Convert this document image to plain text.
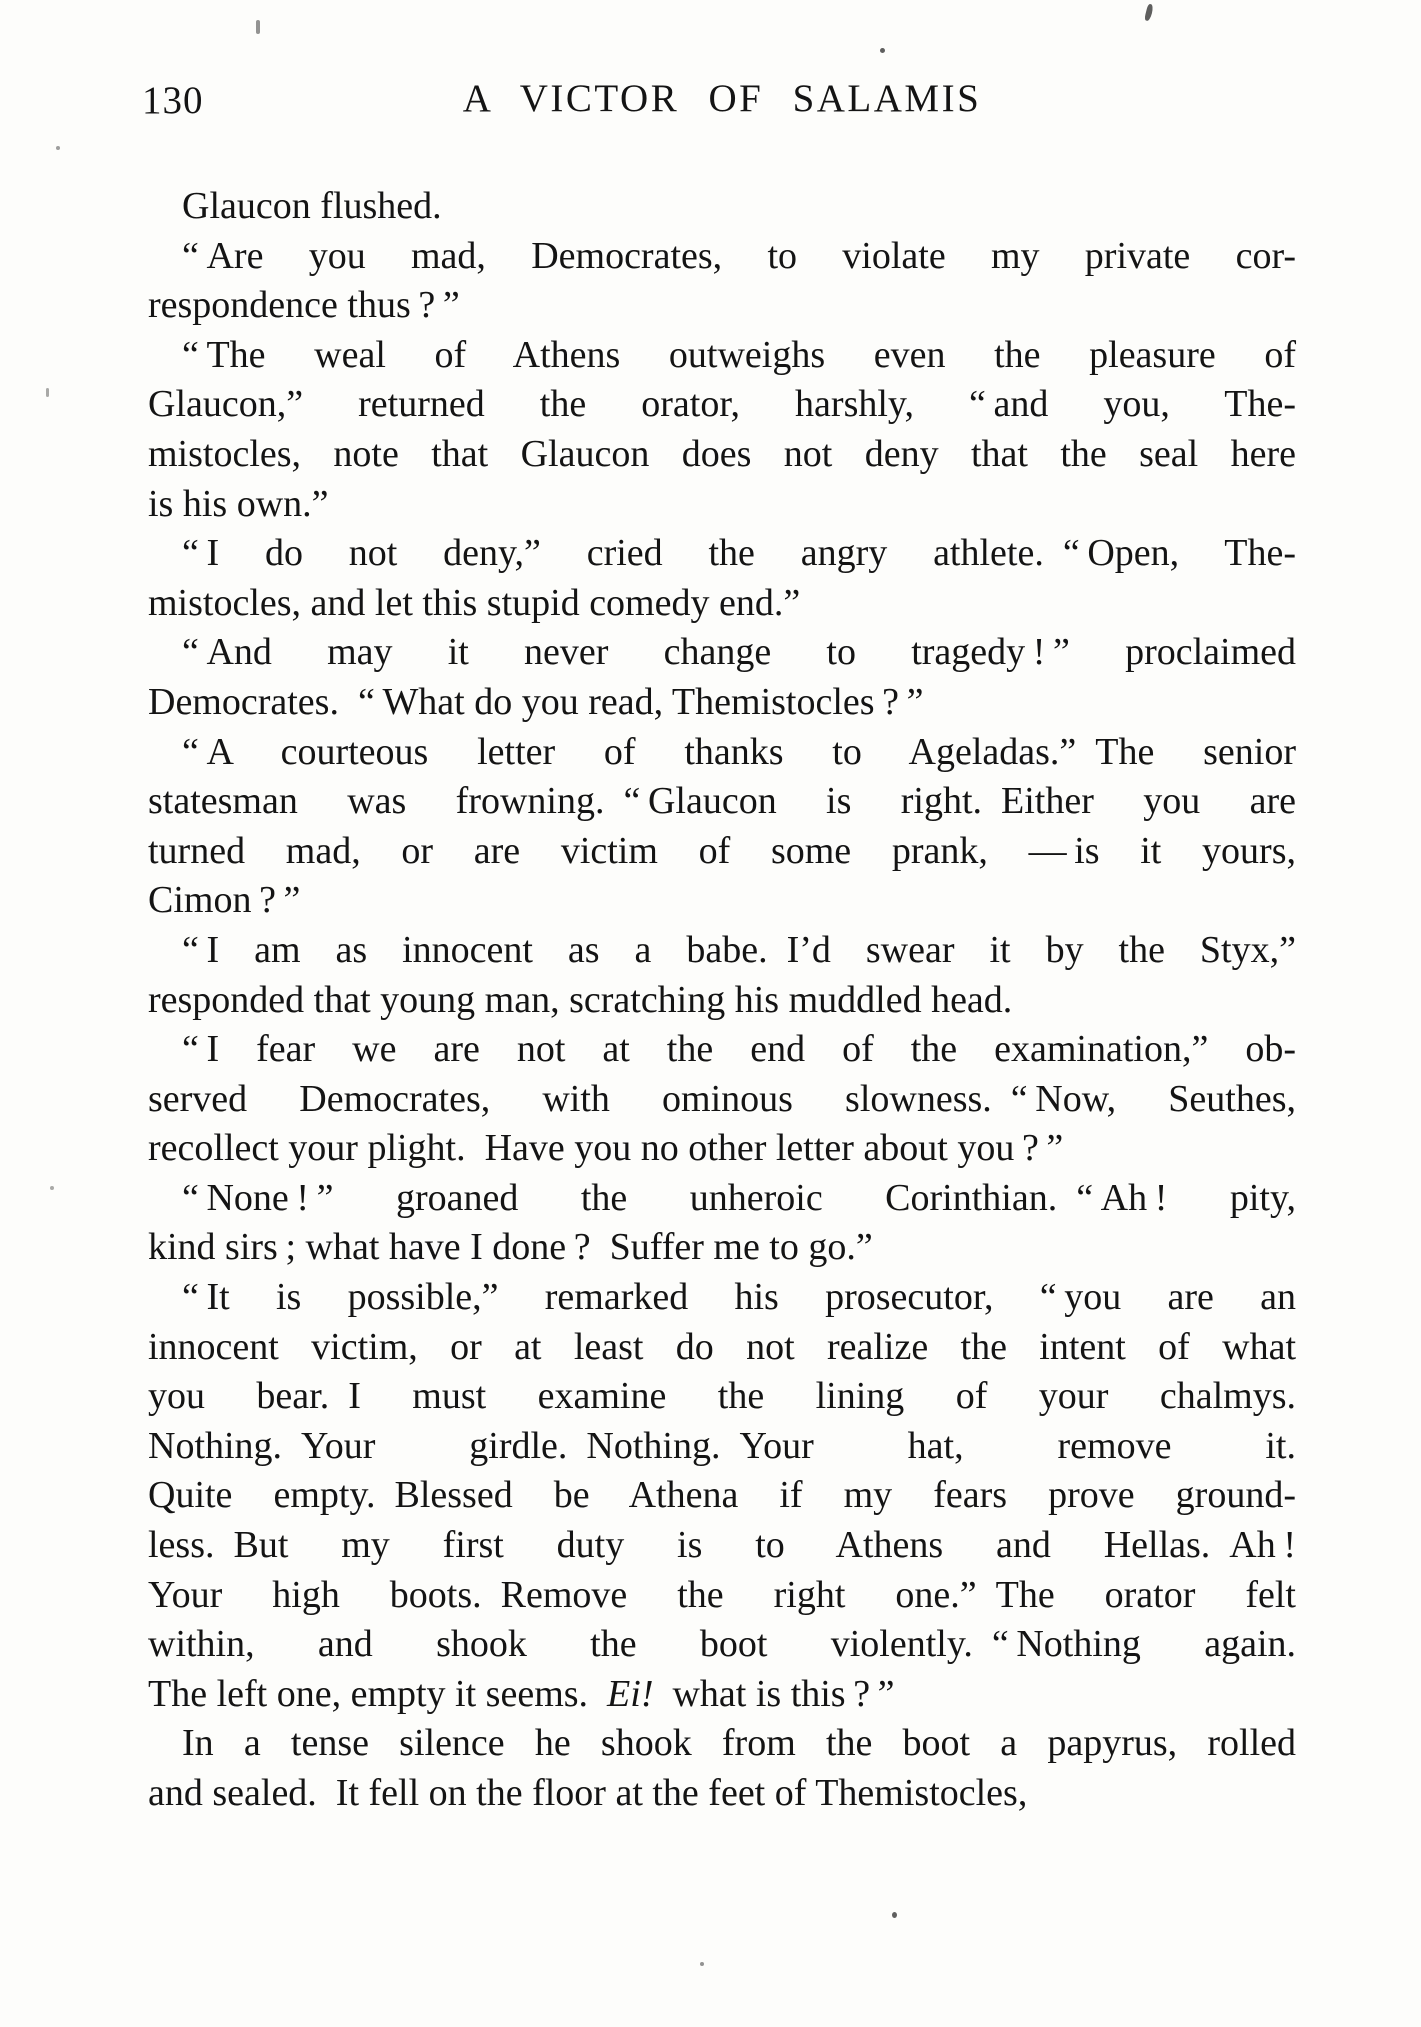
130	A VICTOR OF SALAMIS
Glaucon flushed.
“ Are you mad, Democrates, to violate my private cor-
respondence thus ? ”
“ The weal of Athens outweighs even the pleasure of
Glaucon,” returned the orator, harshly, “ and you, The-
mistocles, note that Glaucon does not deny that the seal here
is his own.”
“ I do not deny,” cried the angry athlete. “ Open, The-
mistocles, and let this stupid comedy end.”
“ And may it never change to tragedy ! ” proclaimed
Democrates. “ What do you read, Themistocles ? ”
“ A courteous letter of thanks to Ageladas.” The senior
statesman was frowning. “ Glaucon is right. Either you are
turned mad, or are victim of some prank, — is it yours,
Cimon ? ”
“ I am as innocent as a babe. I’d swear it by the Styx,”
responded that young man, scratching his muddled head.
“ I fear we are not at the end of the examination,” ob-
served Democrates, with ominous slowness. “ Now, Seuthes,
recollect your plight. Have you no other letter about you ? ”
“ None ! ” groaned the unheroic Corinthian. “ Ah ! pity,
kind sirs ; what have I done ? Suffer me to go.”
“ It is possible,” remarked his prosecutor, “ you are an
innocent victim, or at least do not realize the intent of what
you bear. I must examine the lining of your chalmys.
Nothing. Your girdle. Nothing. Your hat, remove it.
Quite empty. Blessed be Athena if my fears prove ground-
less. But my first duty is to Athens and Hellas. Ah !
Your high boots. Remove the right one.” The orator felt
within, and shook the boot violently. “ Nothing again.
The left one, empty it seems. Ei! what is this ? ”
In a tense silence he shook from the boot a papyrus, rolled
and sealed. It fell on the floor at the feet of Themistocles,
